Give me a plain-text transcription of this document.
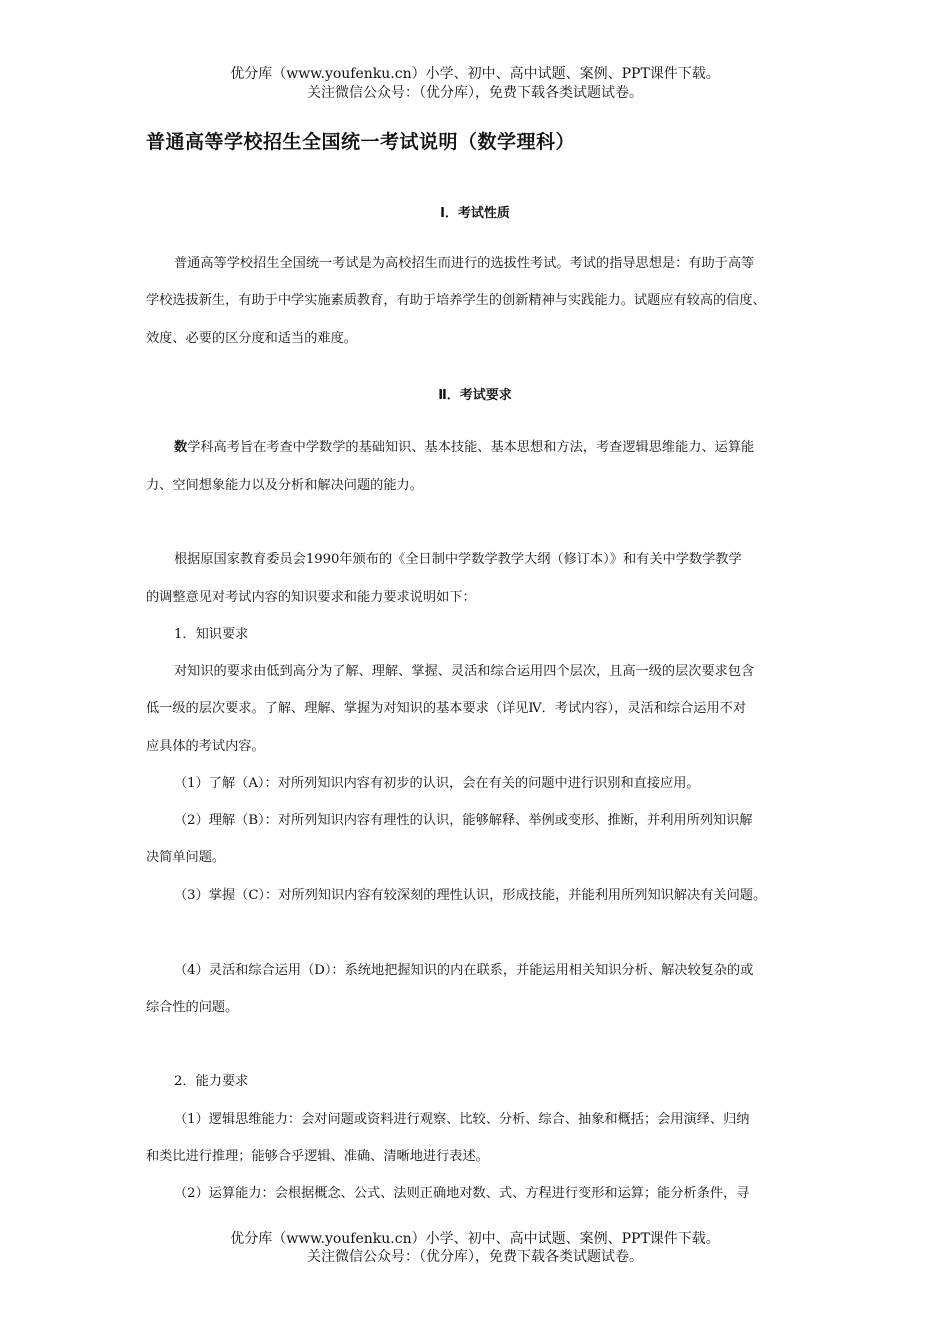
优分库（www.youfenku.cn）小学、初中、高中试题、案例、PPT课件下载。
关注微信公众号：（优分库），免费下载各类试题试卷。
普通高等学校招生全国统一考试说明（数学理科）
Ⅰ．考试性质
普通高等学校招生全国统一考试是为高校招生而进行的选拔性考试。考试的指导思想是：有助于高等
学校选拔新生，有助于中学实施素质教育，有助于培养学生的创新精神与实践能力。试题应有较高的信度、
效度、必要的区分度和适当的难度。
Ⅱ．考试要求
数学科高考旨在考查中学数学的基础知识、基本技能、基本思想和方法，考查逻辑思维能力、运算能
力、空间想象能力以及分析和解决问题的能力。
根据原国家教育委员会1990年颁布的《全日制中学数学教学大纲（修订本）》和有关中学数学教学
的调整意见对考试内容的知识要求和能力要求说明如下：
1．知识要求
对知识的要求由低到高分为了解、理解、掌握、灵活和综合运用四个层次，且高一级的层次要求包含
低一级的层次要求。了解、理解、掌握为对知识的基本要求（详见Ⅳ．考试内容），灵活和综合运用不对
应具体的考试内容。
（1）了解（A）：对所列知识内容有初步的认识，会在有关的问题中进行识别和直接应用。
（2）理解（B）：对所列知识内容有理性的认识，能够解释、举例或变形、推断，并利用所列知识解
决简单问题。
（3）掌握（C）：对所列知识内容有较深刻的理性认识，形成技能，并能利用所列知识解决有关问题。
（4）灵活和综合运用（D）：系统地把握知识的内在联系，并能运用相关知识分析、解决较复杂的或
综合性的问题。
2．能力要求
（1）逻辑思维能力：会对问题或资料进行观察、比较、分析、综合、抽象和概括；会用演绎、归纳
和类比进行推理；能够合乎逻辑、准确、清晰地进行表述。
（2）运算能力：会根据概念、公式、法则正确地对数、式、方程进行变形和运算；能分析条件，寻
优分库（www.youfenku.cn）小学、初中、高中试题、案例、PPT课件下载。
关注微信公众号：（优分库），免费下载各类试题试卷。
